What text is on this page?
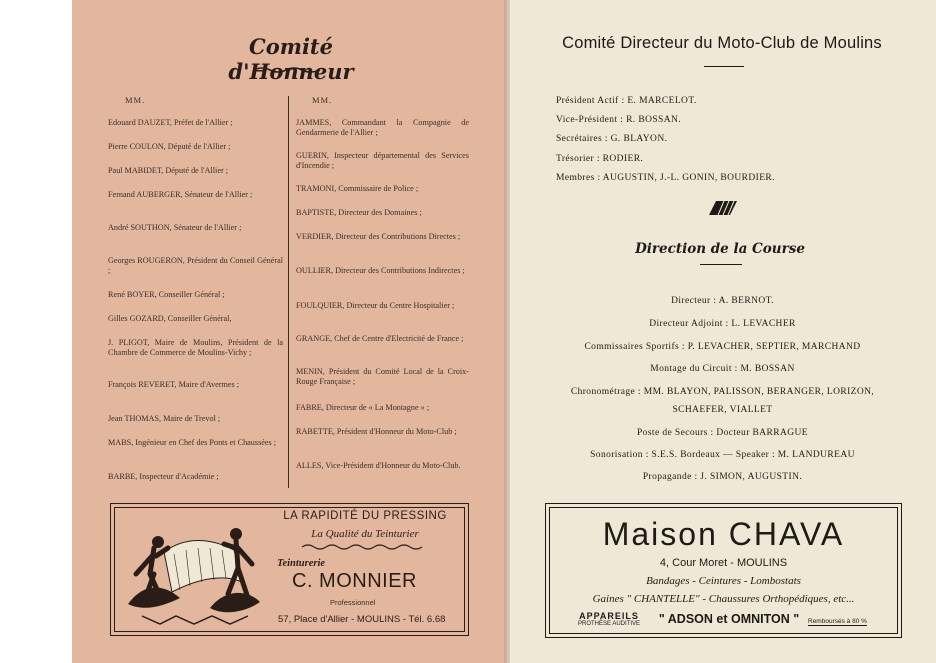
Comité d'Honneur
MM.	MM.
Edouard DAUZET, Préfet de l'Allier ;
Pierre COULON, Député de l'Allier ;
Paul MABIDET, Député de l'Allier ;
Fernand AUBERGER, Sénateur de l'Allier ;
André SOUTHON, Sénateur de l'Allier ;
Georges ROUGERON, Président du Conseil Général ;
René BOYER, Conseiller Général ;
Gilles GOZARD, Conseiller Général,
J. PLIGOT, Maire de Moulins, Président de la Chambre de Commerce de Moulins-Vichy ;
François REVERET, Maire d'Avermes ;
Jean THOMAS, Maire de Trevol ;
MABS, Ingénieur en Chef des Ponts et Chaussées ;
BARBE, Inspecteur d'Académie ;
JAMMES, Commandant la Compagnie de Gendarmerie de l'Allier ;
GUERIN, Inspecteur départemental des Services d'Incendie ;
TRAMONI, Commissaire de Police ;
BAPTISTE, Directeur des Domaines ;
VERDIER, Directeur des Contributions Directes ;
OULLIER, Directeur des Contributions Indirectes ;
FOULQUIER, Directeur du Centre Hospitalier ;
GRANGE, Chef de Centre d'Electricité de France ;
MENIN, Président du Comité Local de la Croix-Rouge Française ;
FABRE, Directeur de « La Montagne » ;
RABETTE, Président d'Honneur du Moto-Club ;
ALLES, Vice-Président d'Honneur du Moto-Club.
LA RAPIDITÉ DU PRESSING
La Qualité du Teinturier
Teinturerie
C. MONNIER
Professionnel
57, Place d'Allier - MOULINS - Tél. 6.68
Comité Directeur du Moto-Club de Moulins
Président Actif : E. MARCELOT.
Vice-Président : R. BOSSAN.
Secrétaires : G. BLAYON.
Trésorier : RODIER.
Membres : AUGUSTIN, J.-L. GONIN, BOURDIER.
Direction de la Course
Directeur : A. BERNOT.
Directeur Adjoint : L. LEVACHER
Commissaires Sportifs : P. LEVACHER, SEPTIER, MARCHAND
Montage du Circuit : M. BOSSAN
Chronométrage : MM. BLAYON, PALISSON, BERANGER, LORIZON,
SCHAEFER, VIALLET
Poste de Secours : Docteur BARRAGUE
Sonorisation : S.E.S. Bordeaux — Speaker : M. LANDUREAU
Propagande : J. SIMON, AUGUSTIN.
Maison CHAVA
4, Cour Moret - MOULINS
Bandages - Ceintures - Lombostats
Gaines " CHANTELLE" - Chaussures Orthopédiques, etc...
APPAREILS
PROTHÈSE AUDITIVE	" ADSON et OMNITON "	Remboursés à 80 %
